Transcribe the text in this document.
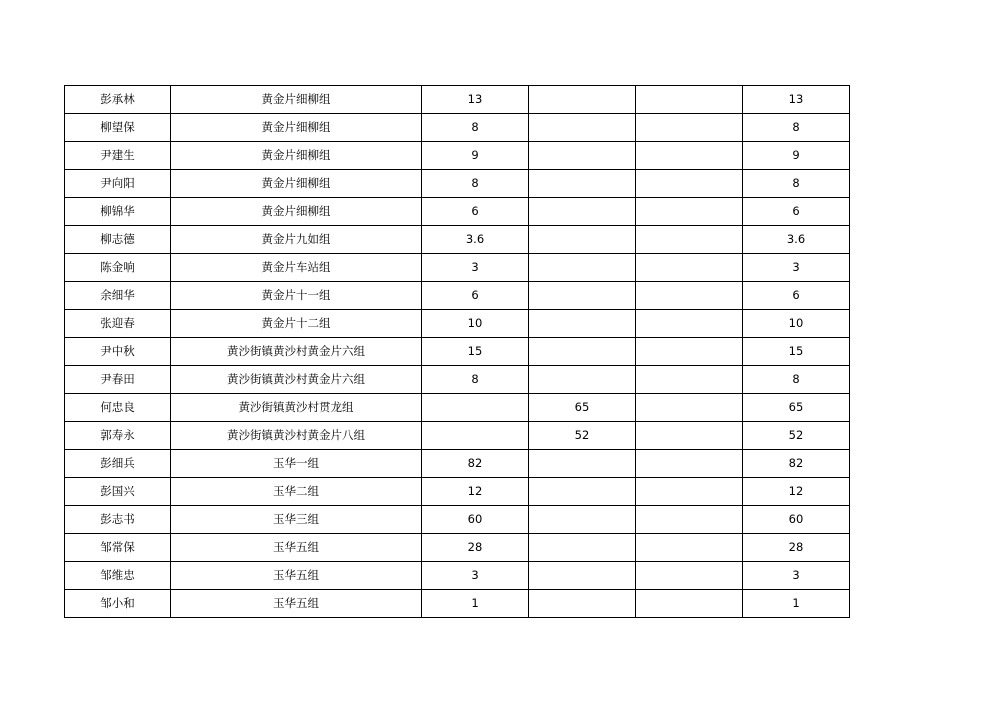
彭承林	黄金片细柳组	13			13
柳望保	黄金片细柳组	8			8
尹建生	黄金片细柳组	9			9
尹向阳	黄金片细柳组	8			8
柳锦华	黄金片细柳组	6			6
柳志德	黄金片九如组	3.6			3.6
陈金响	黄金片车站组	3			3
余细华	黄金片十一组	6			6
张迎春	黄金片十二组	10			10
尹中秋	黄沙街镇黄沙村黄金片六组	15			15
尹春田	黄沙街镇黄沙村黄金片六组	8			8
何忠良	黄沙街镇黄沙村贯龙组		65		65
郭寿永	黄沙街镇黄沙村黄金片八组		52		52
彭细兵	玉华一组	82			82
彭国兴	玉华二组	12			12
彭志书	玉华三组	60			60
邹常保	玉华五组	28			28
邹维忠	玉华五组	3			3
邹小和	玉华五组	1			1
